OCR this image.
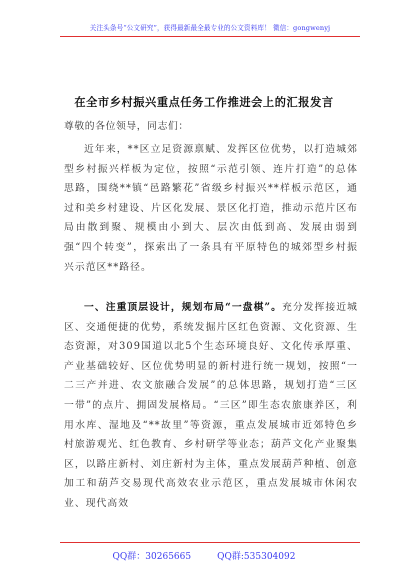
关注头条号“公文研究”，获得最新最全最专业的公文资料库！ 微信：gongwenyj
在全市乡村振兴重点任务工作推进会上的汇报发言
尊敬的各位领导，同志们：

近年来，**区立足资源禀赋、发挥区位优势，以打造城郊型乡村振兴样板为定位，按照“示范引领、连片打造”的总体思路，围绕**镇“邑路繁花”省级乡村振兴**样板示范区，通过和美乡村建设、片区化发展、景区化打造，推动示范片区布局由散到聚、规模由小到大、层次由低到高、发展由弱到强“四个转变”，探索出了一条具有平原特色的城郊型乡村振兴示范区**路径。

一、注重顶层设计，规划布局“一盘棋”。充分发挥接近城区、交通便捷的优势，系统发掘片区红色资源、文化资源、生态资源，对309国道以北5个生态环境良好、文化传承厚重、产业基础较好、区位优势明显的新村进行统一规划，按照“一二三产并进、农文旅融合发展”的总体思路，规划打造“三区一带”的点片、拥固发展格局。“三区”即生态农旅康养区，利用水库、湿地及“**故里”等资源，重点发展城市近郊特色乡村旅游观光、红色教育、乡村研学等业态；葫芦文化产业聚集区，以路庄新村、刘庄新村为主体，重点发展葫芦种植、创意加工和葫芦交易现代高效农业示范区，重点发展城市休闲农业、现代高效

QQ群：30265665	QQ群:535304092
